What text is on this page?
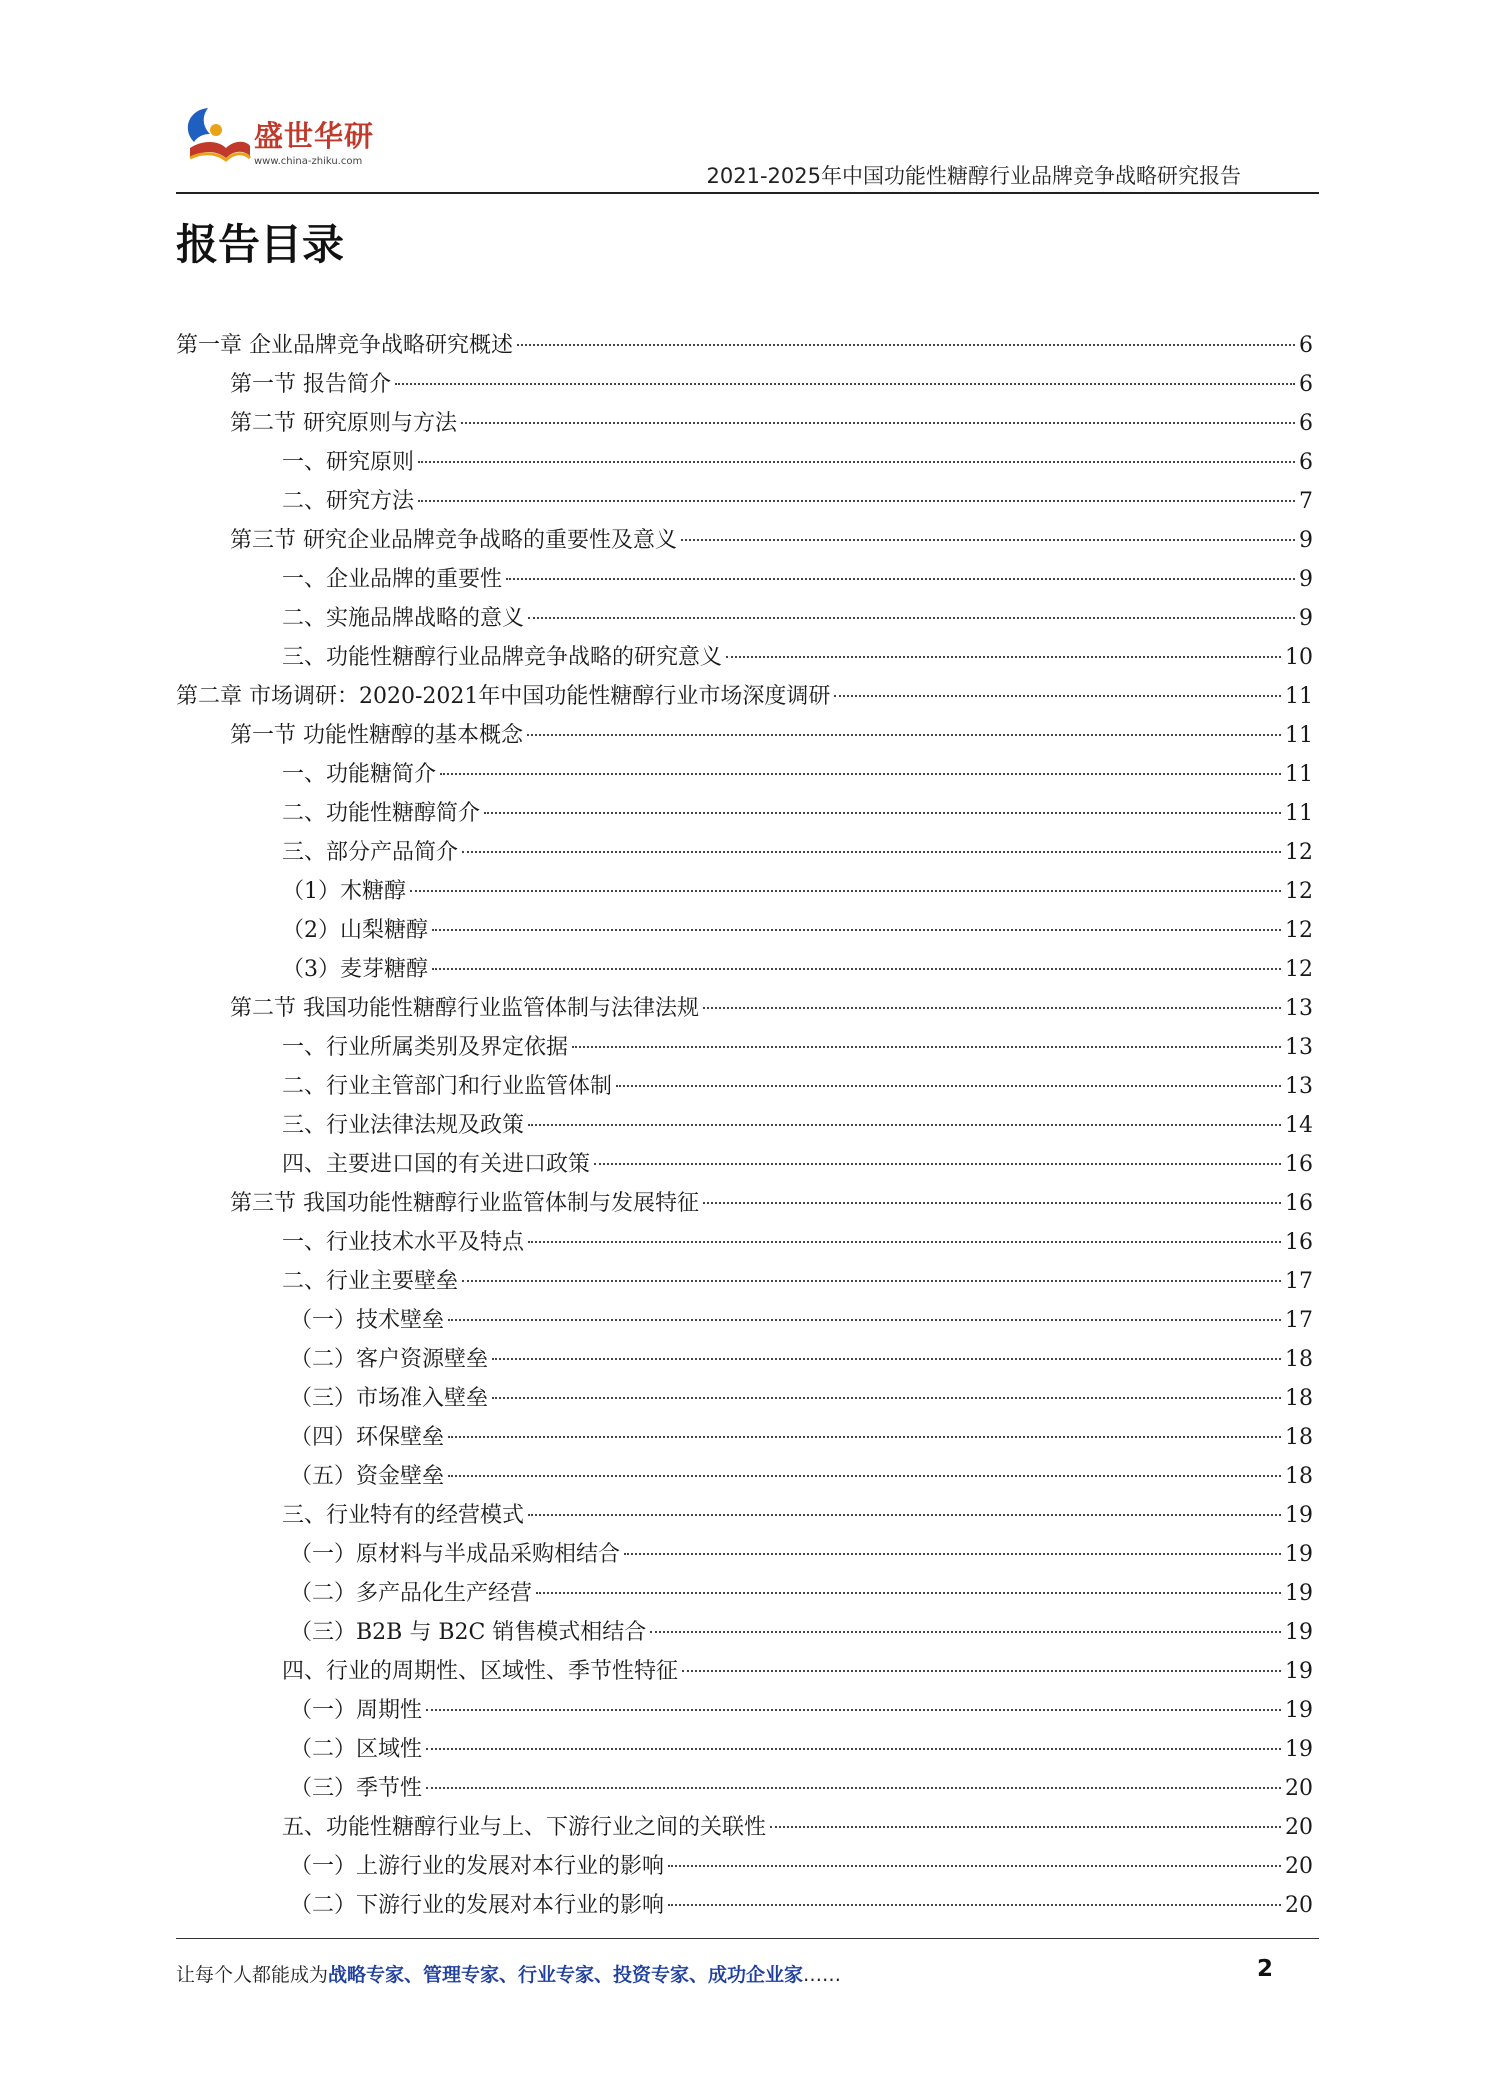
盛世华研
www.china-zhiku.com
2021-2025年中国功能性糖醇行业品牌竞争战略研究报告
报告目录
第一章 企业品牌竞争战略研究概述	6
第一节 报告简介	6
第二节 研究原则与方法	6
一、研究原则	6
二、研究方法	7
第三节 研究企业品牌竞争战略的重要性及意义	9
一、企业品牌的重要性	9
二、实施品牌战略的意义	9
三、功能性糖醇行业品牌竞争战略的研究意义	10
第二章 市场调研：2020-2021年中国功能性糖醇行业市场深度调研	11
第一节 功能性糖醇的基本概念	11
一、功能糖简介	11
二、功能性糖醇简介	11
三、部分产品简介	12
（1）木糖醇	12
（2）山梨糖醇	12
（3）麦芽糖醇	12
第二节 我国功能性糖醇行业监管体制与法律法规	13
一、行业所属类别及界定依据	13
二、行业主管部门和行业监管体制	13
三、行业法律法规及政策	14
四、主要进口国的有关进口政策	16
第三节 我国功能性糖醇行业监管体制与发展特征	16
一、行业技术水平及特点	16
二、行业主要壁垒	17
（一）技术壁垒	17
（二）客户资源壁垒	18
（三）市场准入壁垒	18
（四）环保壁垒	18
（五）资金壁垒	18
三、行业特有的经营模式	19
（一）原材料与半成品采购相结合	19
（二）多产品化生产经营	19
（三）B2B 与 B2C 销售模式相结合	19
四、行业的周期性、区域性、季节性特征	19
（一）周期性	19
（二）区域性	19
（三）季节性	20
五、功能性糖醇行业与上、下游行业之间的关联性	20
（一）上游行业的发展对本行业的影响	20
（二）下游行业的发展对本行业的影响	20
让每个人都能成为战略专家、管理专家、行业专家、投资专家、成功企业家……	2
